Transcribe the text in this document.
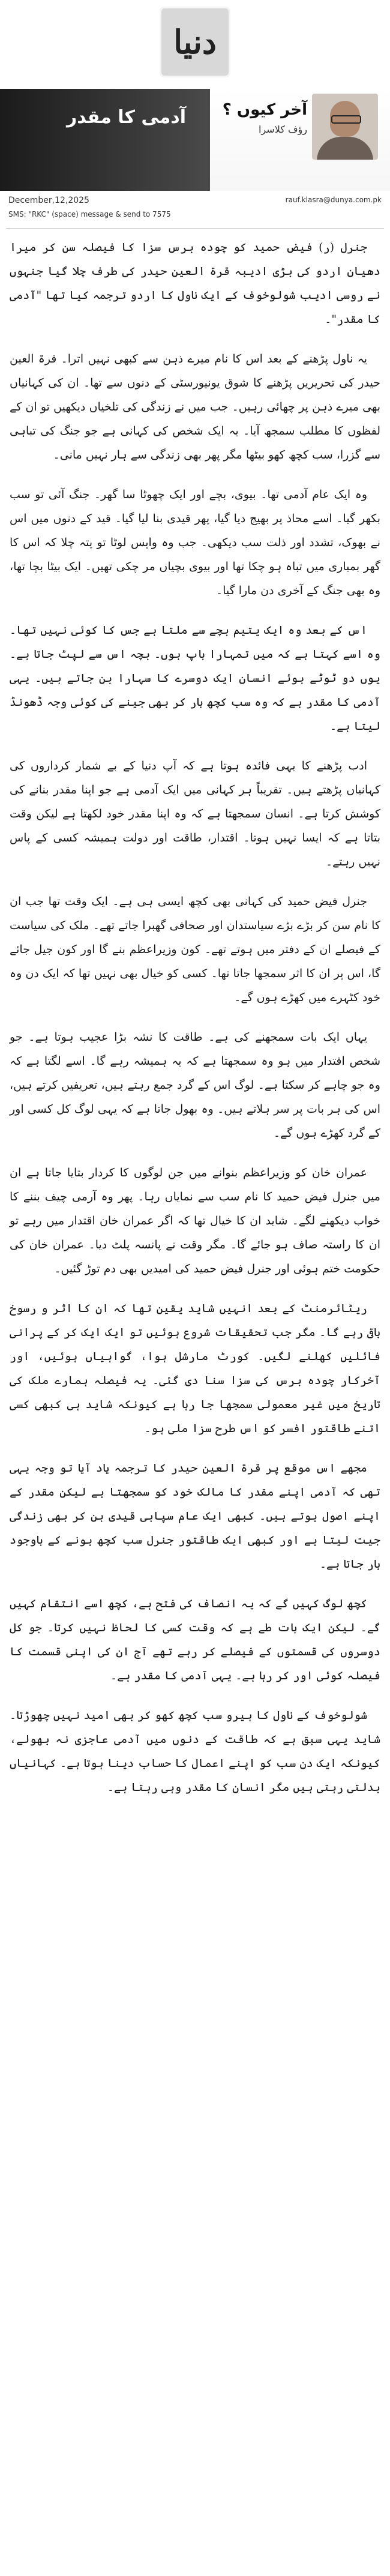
دنیا
آخر کیوں ؟
رؤف کلاسرا
آدمی کا مقدر
December,12,2025
SMS: "RKC" (space) message & send to 7575
rauf.klasra@dunya.com.pk

جنرل (ر) فیض حمید کو چودہ برس سزا کا فیصلہ سن کر میرا دھیان اردو کی بڑی ادیبہ قرۃ العین حیدر کی طرف چلا گیا جنہوں نے روسی ادیب شولوخوف کے ایک ناول کا اردو ترجمہ کیا تھا "آدمی کا مقدر"۔

یہ ناول پڑھنے کے بعد اس کا نام میرے ذہن سے کبھی نہیں اترا۔ قرۃ العین حیدر کی تحریریں پڑھنے کا شوق یونیورسٹی کے دنوں سے تھا۔ ان کی کہانیاں بھی میرے ذہن پر چھائی رہیں۔ جب میں نے زندگی کی تلخیاں دیکھیں تو ان کے لفظوں کا مطلب سمجھ آیا۔ یہ ایک شخص کی کہانی ہے جو جنگ کی تباہی سے گزرا، سب کچھ کھو بیٹھا مگر پھر بھی زندگی سے ہار نہیں مانی۔

وہ ایک عام آدمی تھا۔ بیوی، بچے اور ایک چھوٹا سا گھر۔ جنگ آئی تو سب بکھر گیا۔ اسے محاذ پر بھیج دیا گیا، پھر قیدی بنا لیا گیا۔ قید کے دنوں میں اس نے بھوک، تشدد اور ذلت سب دیکھی۔ جب وہ واپس لوٹا تو پتہ چلا کہ اس کا گھر بمباری میں تباہ ہو چکا تھا اور بیوی بچیاں مر چکی تھیں۔ ایک بیٹا بچا تھا، وہ بھی جنگ کے آخری دن مارا گیا۔

اس کے بعد وہ ایک یتیم بچے سے ملتا ہے جس کا کوئی نہیں تھا۔ وہ اسے کہتا ہے کہ میں تمہارا باپ ہوں۔ بچہ اس سے لپٹ جاتا ہے۔ یوں دو ٹوٹے ہوئے انسان ایک دوسرے کا سہارا بن جاتے ہیں۔ یہی آدمی کا مقدر ہے کہ وہ سب کچھ ہار کر بھی جینے کی کوئی وجہ ڈھونڈ لیتا ہے۔

ادب پڑھنے کا یہی فائدہ ہوتا ہے کہ آپ دنیا کے بے شمار کرداروں کی کہانیاں پڑھتے ہیں۔ تقریباً ہر کہانی میں ایک آدمی ہے جو اپنا مقدر بنانے کی کوشش کرتا ہے۔ انسان سمجھتا ہے کہ وہ اپنا مقدر خود لکھتا ہے لیکن وقت بتاتا ہے کہ ایسا نہیں ہوتا۔ اقتدار، طاقت اور دولت ہمیشہ کسی کے پاس نہیں رہتے۔

جنرل فیض حمید کی کہانی بھی کچھ ایسی ہی ہے۔ ایک وقت تھا جب ان کا نام سن کر بڑے بڑے سیاستدان اور صحافی گھبرا جاتے تھے۔ ملک کی سیاست کے فیصلے ان کے دفتر میں ہوتے تھے۔ کون وزیراعظم بنے گا اور کون جیل جائے گا، اس پر ان کا اثر سمجھا جاتا تھا۔ کسی کو خیال بھی نہیں تھا کہ ایک دن وہ خود کٹہرے میں کھڑے ہوں گے۔

یہاں ایک بات سمجھنے کی ہے۔ طاقت کا نشہ بڑا عجیب ہوتا ہے۔ جو شخص اقتدار میں ہو وہ سمجھتا ہے کہ یہ ہمیشہ رہے گا۔ اسے لگتا ہے کہ وہ جو چاہے کر سکتا ہے۔ لوگ اس کے گرد جمع رہتے ہیں، تعریفیں کرتے ہیں، اس کی ہر بات پر سر ہلاتے ہیں۔ وہ بھول جاتا ہے کہ یہی لوگ کل کسی اور کے گرد کھڑے ہوں گے۔

عمران خان کو وزیراعظم بنوانے میں جن لوگوں کا کردار بتایا جاتا ہے ان میں جنرل فیض حمید کا نام سب سے نمایاں رہا۔ پھر وہ آرمی چیف بننے کا خواب دیکھنے لگے۔ شاید ان کا خیال تھا کہ اگر عمران خان اقتدار میں رہے تو ان کا راستہ صاف ہو جائے گا۔ مگر وقت نے پانسہ پلٹ دیا۔ عمران خان کی حکومت ختم ہوئی اور جنرل فیض حمید کی امیدیں بھی دم توڑ گئیں۔

ریٹائرمنٹ کے بعد انہیں شاید یقین تھا کہ ان کا اثر و رسوخ باقی رہے گا۔ مگر جب تحقیقات شروع ہوئیں تو ایک ایک کر کے پرانی فائلیں کھلنے لگیں۔ کورٹ مارشل ہوا، گواہیاں ہوئیں، اور آخرکار چودہ برس کی سزا سنا دی گئی۔ یہ فیصلہ ہمارے ملک کی تاریخ میں غیر معمولی سمجھا جا رہا ہے کیونکہ شاید ہی کبھی کسی اتنے طاقتور افسر کو اس طرح سزا ملی ہو۔

مجھے اس موقع پر قرۃ العین حیدر کا ترجمہ یاد آیا تو وجہ یہی تھی کہ آدمی اپنے مقدر کا مالک خود کو سمجھتا ہے لیکن مقدر کے اپنے اصول ہوتے ہیں۔ کبھی ایک عام سپاہی قیدی بن کر بھی زندگی جیت لیتا ہے اور کبھی ایک طاقتور جنرل سب کچھ ہونے کے باوجود ہار جاتا ہے۔

کچھ لوگ کہیں گے کہ یہ انصاف کی فتح ہے، کچھ اسے انتقام کہیں گے۔ لیکن ایک بات طے ہے کہ وقت کسی کا لحاظ نہیں کرتا۔ جو کل دوسروں کی قسمتوں کے فیصلے کر رہے تھے آج ان کی اپنی قسمت کا فیصلہ کوئی اور کر رہا ہے۔ یہی آدمی کا مقدر ہے۔

شولوخوف کے ناول کا ہیرو سب کچھ کھو کر بھی امید نہیں چھوڑتا۔ شاید یہی سبق ہے کہ طاقت کے دنوں میں آدمی عاجزی نہ بھولے، کیونکہ ایک دن سب کو اپنے اعمال کا حساب دینا ہوتا ہے۔ کہانیاں بدلتی رہتی ہیں مگر انسان کا مقدر وہی رہتا ہے۔
